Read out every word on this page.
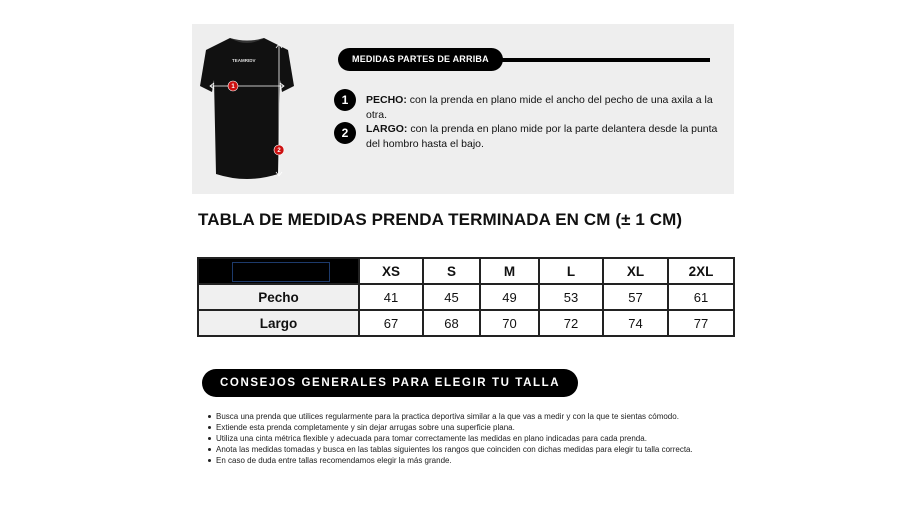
TEAMRIDV
1
2
MEDIDAS PARTES DE ARRIBA
1	PECHO: con la prenda en plano mide el ancho del pecho de una axila a la otra.
2	LARGO: con la prenda en plano mide por la parte delantera desde la punta del hombro hasta el bajo.
TABLA DE MEDIDAS PRENDA TERMINADA EN CM (± 1 CM)
	XS	S	M	L	XL	2XL
Pecho	41	45	49	53	57	61
Largo	67	68	70	72	74	77
CONSEJOS GENERALES PARA ELEGIR TU TALLA
Busca una prenda que utilices regularmente para la practica deportiva similar a la que vas a medir y con la que te sientas cómodo.
Extiende esta prenda completamente y sin dejar arrugas sobre una superficie plana.
Utiliza una cinta métrica flexible y adecuada para tomar correctamente las medidas en plano indicadas para cada prenda.
Anota las medidas tomadas y busca en las tablas siguientes los rangos que coinciden con dichas medidas para elegir tu talla correcta.
En caso de duda entre tallas recomendamos elegir la más grande.
